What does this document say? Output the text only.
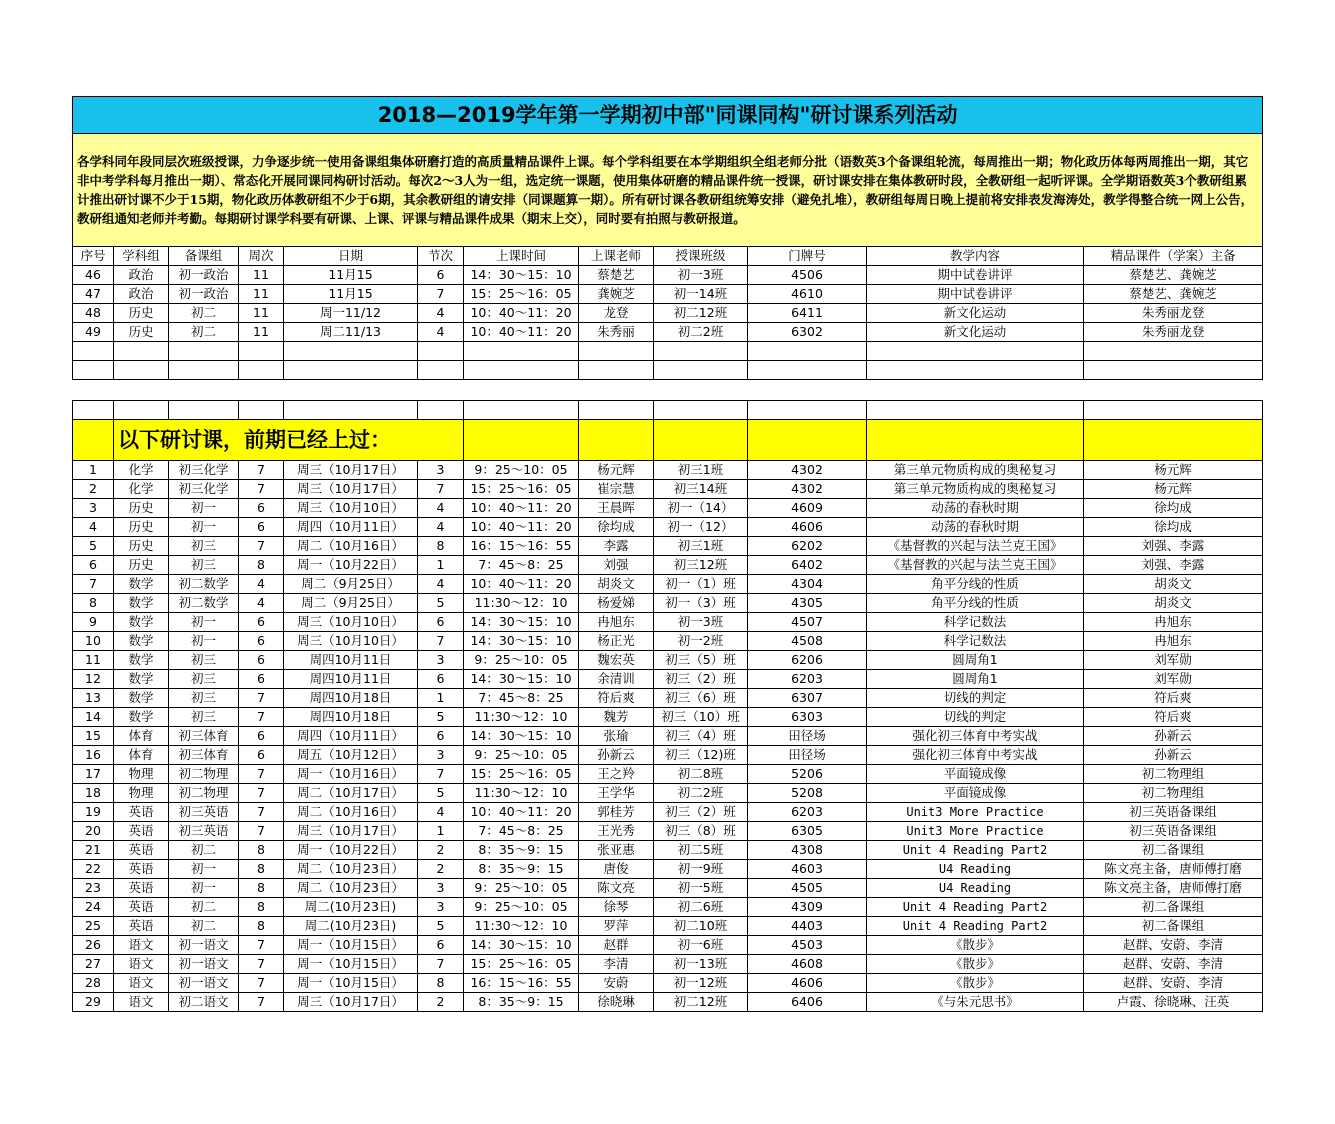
2018—2019学年第一学期初中部"同课同构"研讨课系列活动											
各学科同年段同层次班级授课，力争逐步统一使用备课组集体研磨打造的高质量精品课件上课。每个学科组要在本学期组织全组老师分批（语数英3个备课组轮流，每周推出一期；物化政历体每两周推出一期，其它非中考学科每月推出一期）、常态化开展同课同构研讨活动。每次2～3人为一组，选定统一课题，使用集体研磨的精品课件统一授课，研讨课安排在集体教研时段，全教研组一起听评课。全学期语数英3个教研组累计推出研讨课不少于15期，物化政历体教研组不少于6期，其余教研组的请安排（同课题算一期）。所有研讨课各教研组统筹安排（避免扎堆），教研组每周日晚上提前将安排表发海涛处，教学得整合统一网上公告，教研组通知老师并考勤。每期研讨课学科要有研课、上课、评课与精品课件成果（期末上交），同时要有拍照与教研报道。											
序号	学科组	备课组	周次	日期	节次	上课时间	上课老师	授课班级	门牌号	教学内容	精品课件（学案）主备
46	政治	初一政治	11	11月15	6	14：30～15：10	蔡楚艺	初一3班	4506	期中试卷讲评	蔡楚艺、龚婉芝
47	政治	初一政治	11	11月15	7	15：25～16：05	龚婉芝	初一14班	4610	期中试卷讲评	蔡楚艺、龚婉芝
48	历史	初二	11	周一11/12	4	10：40～11：20	龙登	初二12班	6411	新文化运动	朱秀丽龙登
49	历史	初二	11	周二11/13	4	10：40～11：20	朱秀丽	初二2班	6302	新文化运动	朱秀丽龙登

	以下研讨课，前期已经上过：										
1	化学	初三化学	7	周三（10月17日）	3	9：25～10：05	杨元辉	初三1班	4302	第三单元物质构成的奥秘复习	杨元辉
2	化学	初三化学	7	周三（10月17日）	7	15：25～16：05	崔宗慧	初三14班	4302	第三单元物质构成的奥秘复习	杨元辉
3	历史	初一	6	周三（10月10日）	4	10：40～11：20	王晨晖	初一（14）	4609	动荡的春秋时期	徐均成
4	历史	初一	6	周四（10月11日）	4	10：40～11：20	徐均成	初一（12）	4606	动荡的春秋时期	徐均成
5	历史	初三	7	周二（10月16日）	8	16：15～16：55	李露	初三1班	6202	《基督教的兴起与法兰克王国》	刘强、李露
6	历史	初三	8	周一（10月22日）	1	7：45～8：25	刘强	初三12班	6402	《基督教的兴起与法兰克王国》	刘强、李露
7	数学	初二数学	4	周二（9月25日）	4	10：40～11：20	胡炎文	初一（1）班	4304	角平分线的性质	胡炎文
8	数学	初二数学	4	周二（9月25日）	5	11:30～12：10	杨爱娣	初一（3）班	4305	角平分线的性质	胡炎文
9	数学	初一	6	周三（10月10日）	6	14：30～15：10	冉旭东	初一3班	4507	科学记数法	冉旭东
10	数学	初一	6	周三（10月10日）	7	14：30～15：10	杨正光	初一2班	4508	科学记数法	冉旭东
11	数学	初三	6	周四10月11日	3	9：25～10：05	魏宏英	初三（5）班	6206	圆周角1	刘军勋
12	数学	初三	6	周四10月11日	6	14：30～15：10	余清训	初三（2）班	6203	圆周角1	刘军勋
13	数学	初三	7	周四10月18日	1	7：45～8：25	符后爽	初三（6）班	6307	切线的判定	符后爽
14	数学	初三	7	周四10月18日	5	11:30～12：10	魏芳	初三（10）班	6303	切线的判定	符后爽
15	体育	初三体育	6	周四（10月11日）	6	14：30～15：10	张瑜	初三（4）班	田径场	强化初三体育中考实战	孙新云
16	体育	初三体育	6	周五（10月12日）	3	9：25～10：05	孙新云	初三（12)班	田径场	强化初三体育中考实战	孙新云
17	物理	初二物理	7	周一（10月16日）	7	15：25～16：05	王之羚	初二8班	5206	平面镜成像	初二物理组
18	物理	初二物理	7	周二（10月17日）	5	11:30～12：10	王学华	初二2班	5208	平面镜成像	初二物理组
19	英语	初三英语	7	周二（10月16日）	4	10：40～11：20	郭桂芳	初三（2）班	6203	Unit3 More Practice	初三英语备课组
20	英语	初三英语	7	周三（10月17日）	1	7：45～8：25	王光秀	初三（8）班	6305	Unit3 More Practice	初三英语备课组
21	英语	初二	8	周一（10月22日）	2	8：35～9：15	张亚惠	初二5班	4308	Unit 4 Reading Part2	初二备课组
22	英语	初一	8	周二（10月23日）	2	8：35～9：15	唐俊	初一9班	4603	U4 Reading	陈文亮主备，唐师傅打磨
23	英语	初一	8	周二（10月23日）	3	9：25～10：05	陈文亮	初一5班	4505	U4 Reading	陈文亮主备，唐师傅打磨
24	英语	初二	8	周二(10月23日)	3	9：25～10：05	徐琴	初二6班	4309	Unit 4 Reading Part2	初二备课组
25	英语	初二	8	周二(10月23日)	5	11:30～12：10	罗萍	初二10班	4403	Unit 4 Reading Part2	初二备课组
26	语文	初一语文	7	周一（10月15日）	6	14：30～15：10	赵群	初一6班	4503	《散步》	赵群、安蔚、李清
27	语文	初一语文	7	周一（10月15日）	7	15：25～16：05	李清	初一13班	4608	《散步》	赵群、安蔚、李清
28	语文	初一语文	7	周一（10月15日）	8	16：15～16：55	安蔚	初一12班	4606	《散步》	赵群、安蔚、李清
29	语文	初二语文	7	周三（10月17日）	2	8：35～9：15	徐晓琳	初二12班	6406	《与朱元思书》	卢霞、徐晓琳、汪英
